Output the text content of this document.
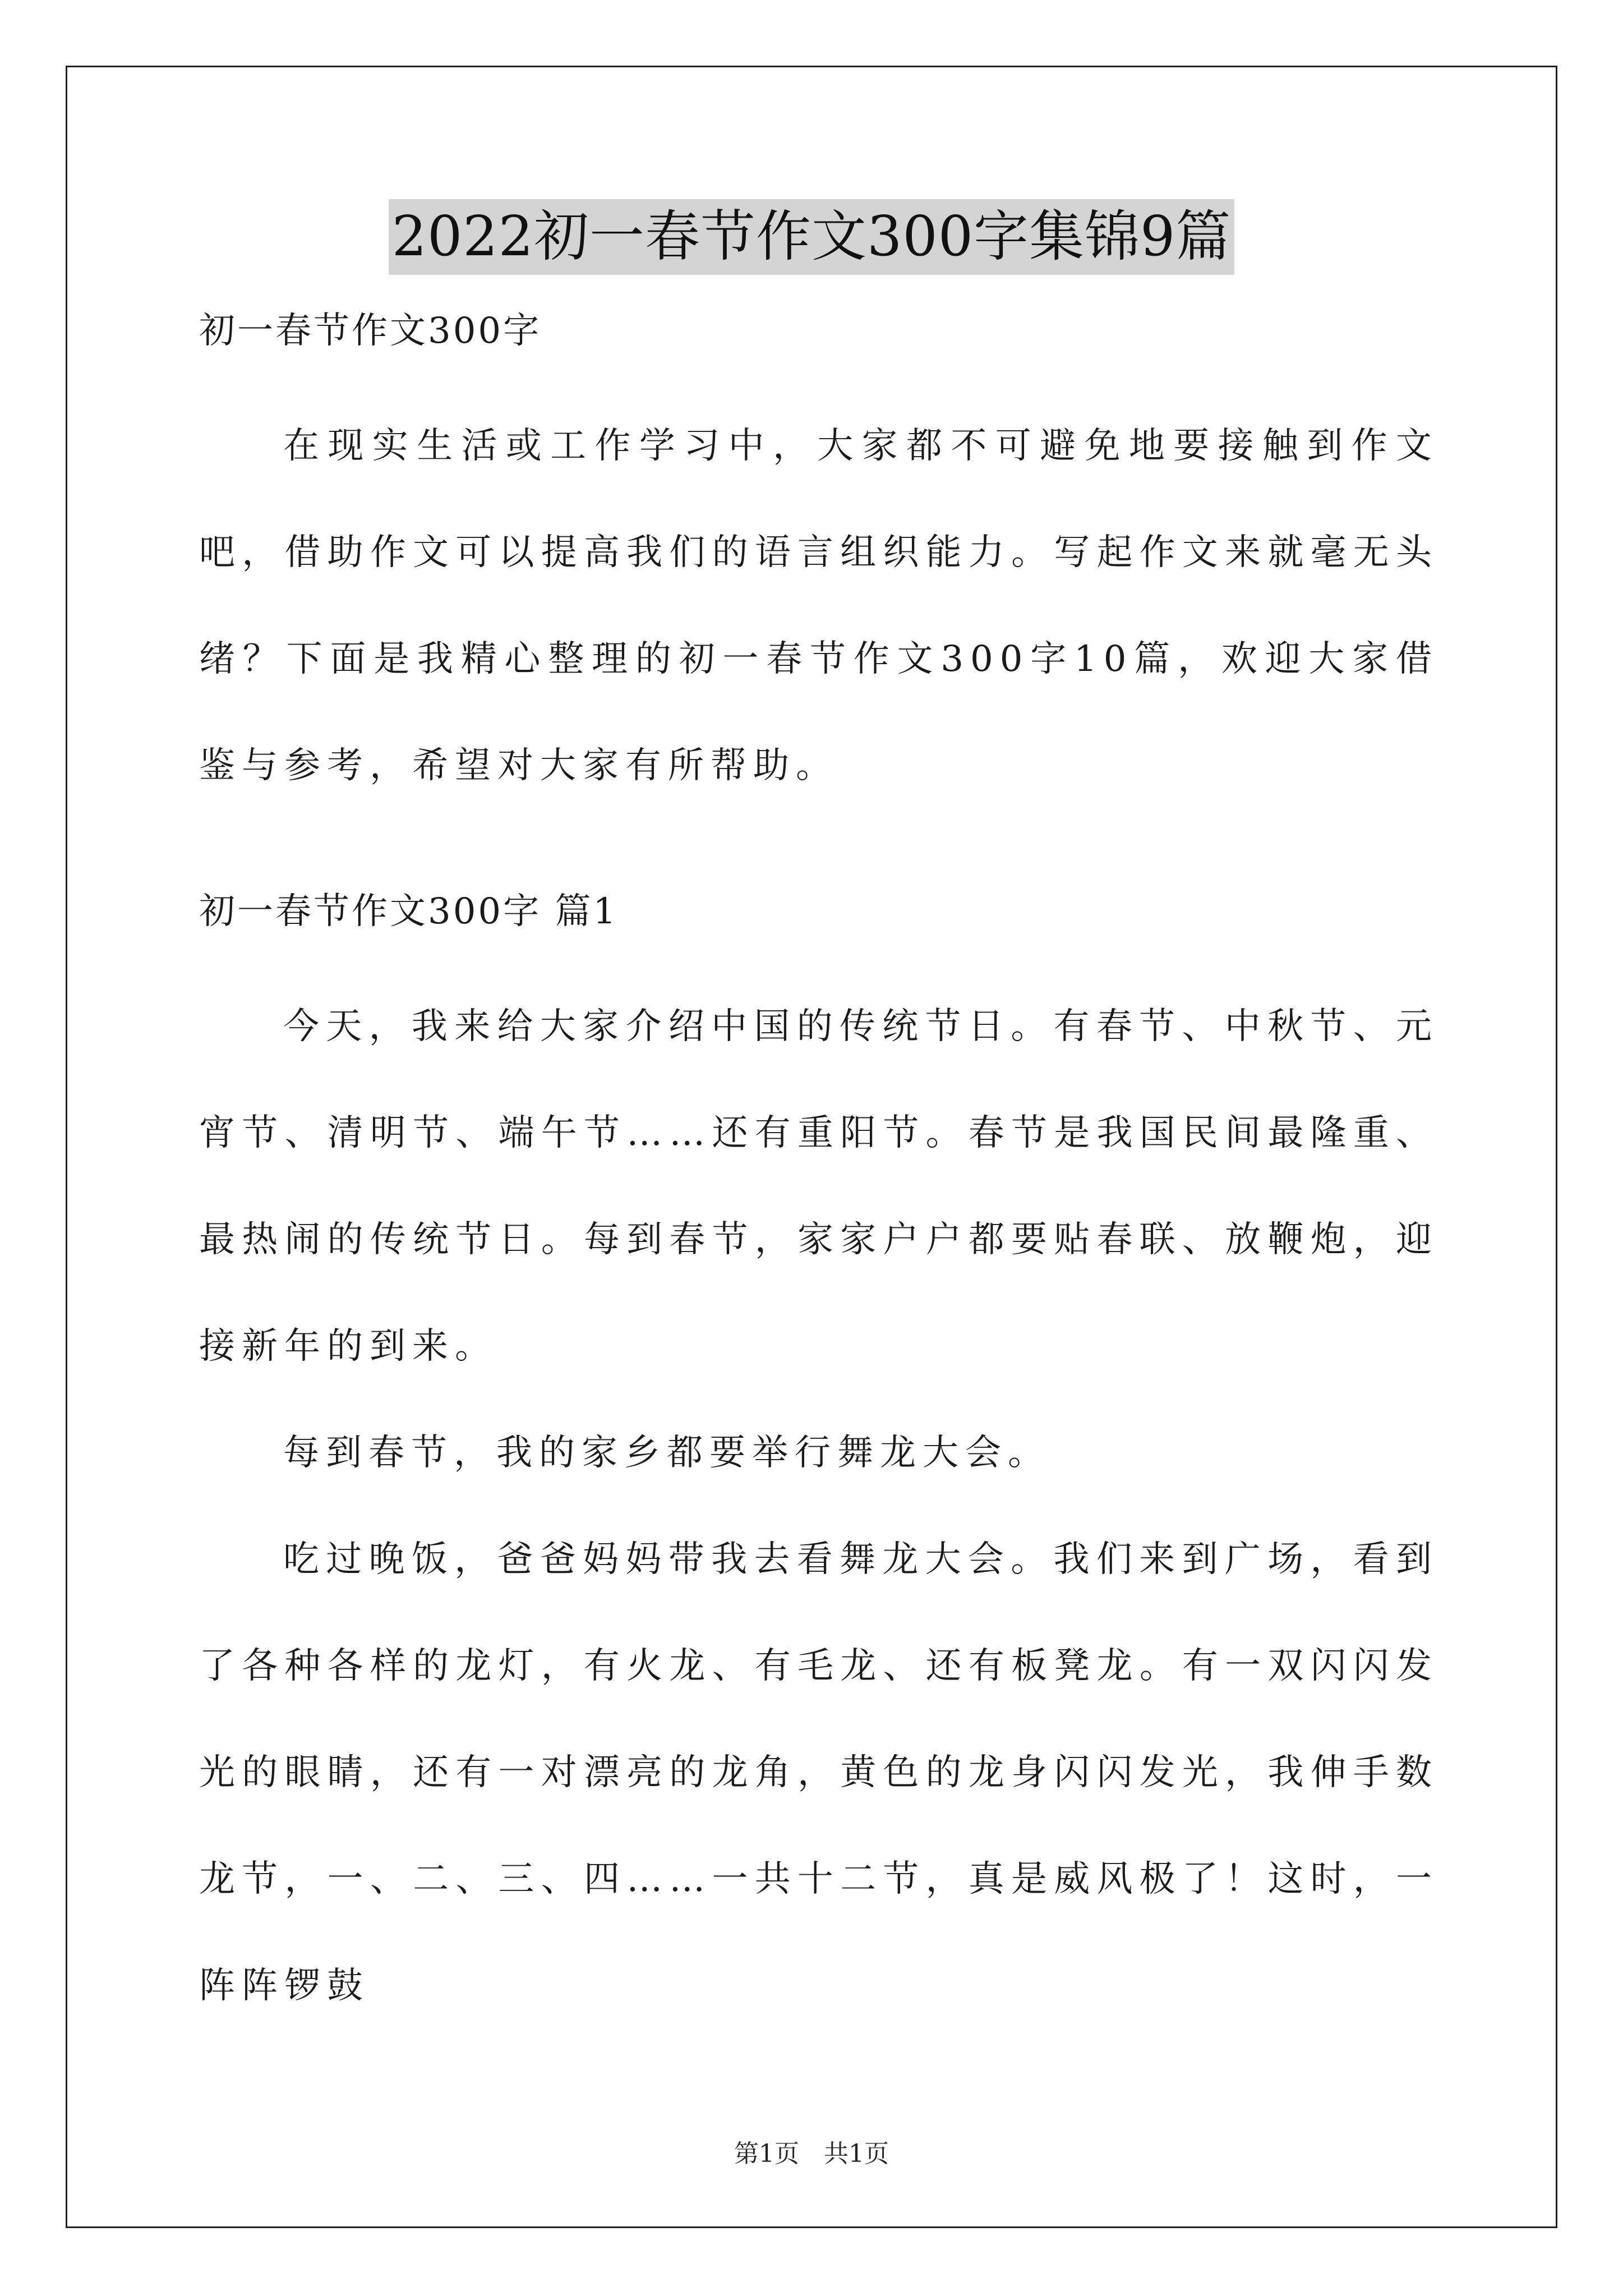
2022初一春节作文300字集锦9篇

初一春节作文300字

在现实生活或工作学习中，大家都不可避免地要接触到作文吧，借助作文可以提高我们的语言组织能力。写起作文来就毫无头绪？下面是我精心整理的初一春节作文300字10篇，欢迎大家借鉴与参考，希望对大家有所帮助。

初一春节作文300字 篇1

今天，我来给大家介绍中国的传统节日。有春节、中秋节、元宵节、清明节、端午节……还有重阳节。春节是我国民间最隆重、最热闹的传统节日。每到春节，家家户户都要贴春联、放鞭炮，迎接新年的到来。

每到春节，我的家乡都要举行舞龙大会。

吃过晚饭，爸爸妈妈带我去看舞龙大会。我们来到广场，看到了各种各样的龙灯，有火龙、有毛龙、还有板凳龙。有一双闪闪发光的眼睛，还有一对漂亮的龙角，黄色的龙身闪闪发光，我伸手数龙节，一、二、三、四……一共十二节，真是威风极了！这时，一阵阵锣鼓

第1页　共1页
